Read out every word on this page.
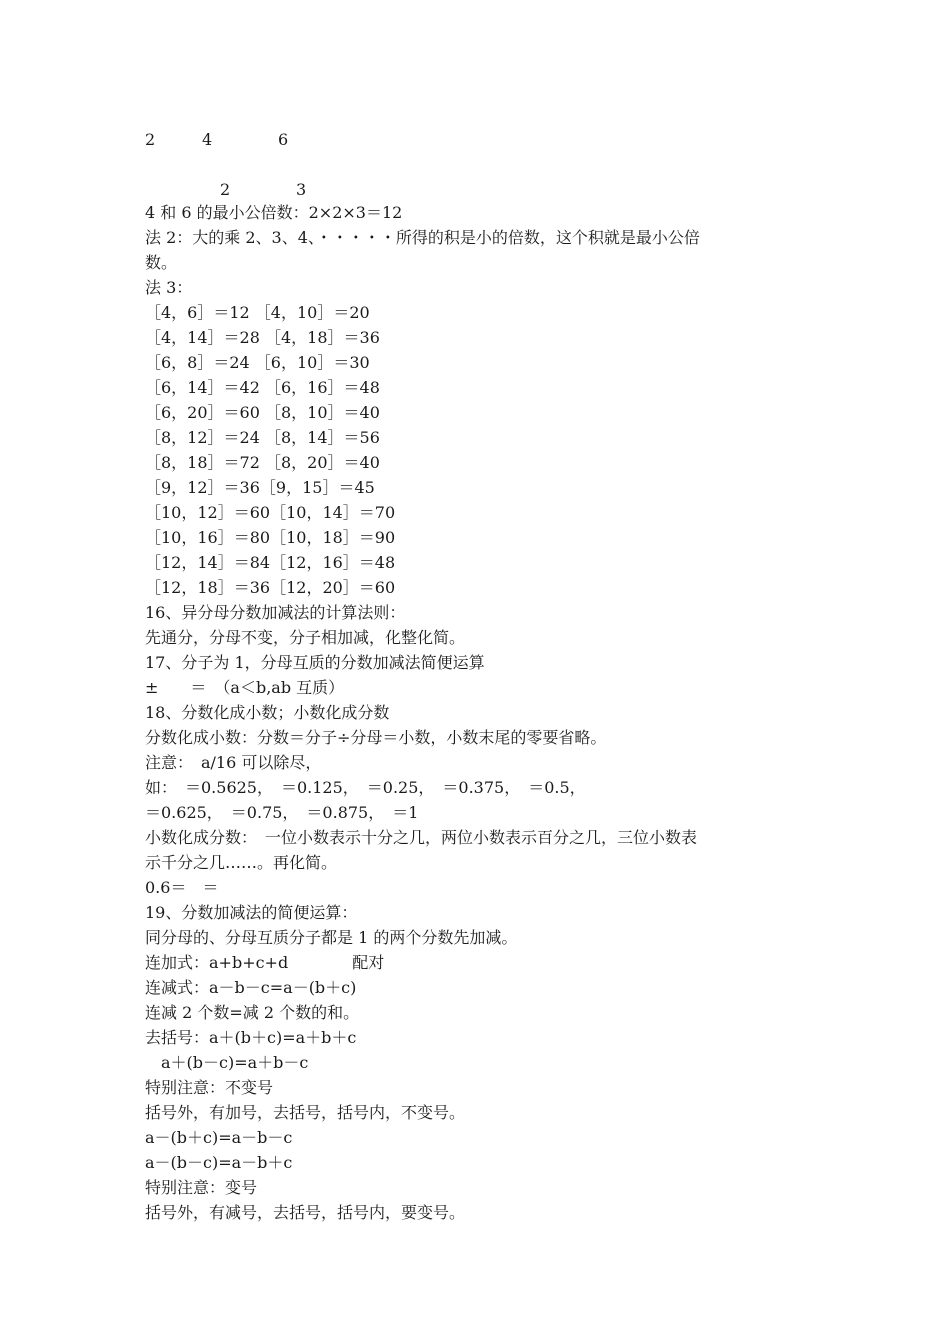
2	4	6
2	3
4 和 6 的最小公倍数：2×2×3＝12
法 2：大的乘 2、3、4、・・・・・所得的积是小的倍数，这个积就是最小公倍
数。
法 3：
［4，6］＝12 ［4，10］＝20
［4，14］＝28 ［4，18］＝36
［6，8］＝24 ［6，10］＝30
［6，14］＝42 ［6，16］＝48
［6，20］＝60 ［8，10］＝40
［8，12］＝24 ［8，14］＝56
［8，18］＝72 ［8，20］＝40
［9，12］＝36［9，15］＝45
［10，12］＝60［10，14］＝70
［10，16］＝80［10，18］＝90
［12，14］＝84［12，16］＝48
［12，18］＝36［12，20］＝60
16、异分母分数加减法的计算法则：
先通分，分母不变，分子相加减，化整化简。
17、分子为 1，分母互质的分数加减法简便运算
±　　＝　（a＜b,ab 互质）
18、分数化成小数；小数化成分数
分数化成小数：分数＝分子÷分母＝小数，小数末尾的零要省略。
注意：　a/16 可以除尽，
如：　＝0.5625，　＝0.125，　＝0.25，　＝0.375，　＝0.5，
＝0.625，　＝0.75，　＝0.875，　＝1
小数化成分数：　一位小数表示十分之几，两位小数表示百分之几，三位小数表
示千分之几……。再化简。
0.6＝　＝
19、分数加减法的简便运算：
同分母的、分母互质分子都是 1 的两个分数先加减。
连加式：a+b+c+d　　　　配对
连减式：a－b－c=a－(b＋c)
连减 2 个数=减 2 个数的和。
去括号：a＋(b＋c)=a＋b＋c
　a＋(b－c)=a＋b－c
特别注意：不变号
括号外，有加号，去括号，括号内，不变号。
a－(b＋c)=a－b－c
a－(b－c)=a－b＋c
特别注意：变号
括号外，有减号，去括号，括号内，要变号。
